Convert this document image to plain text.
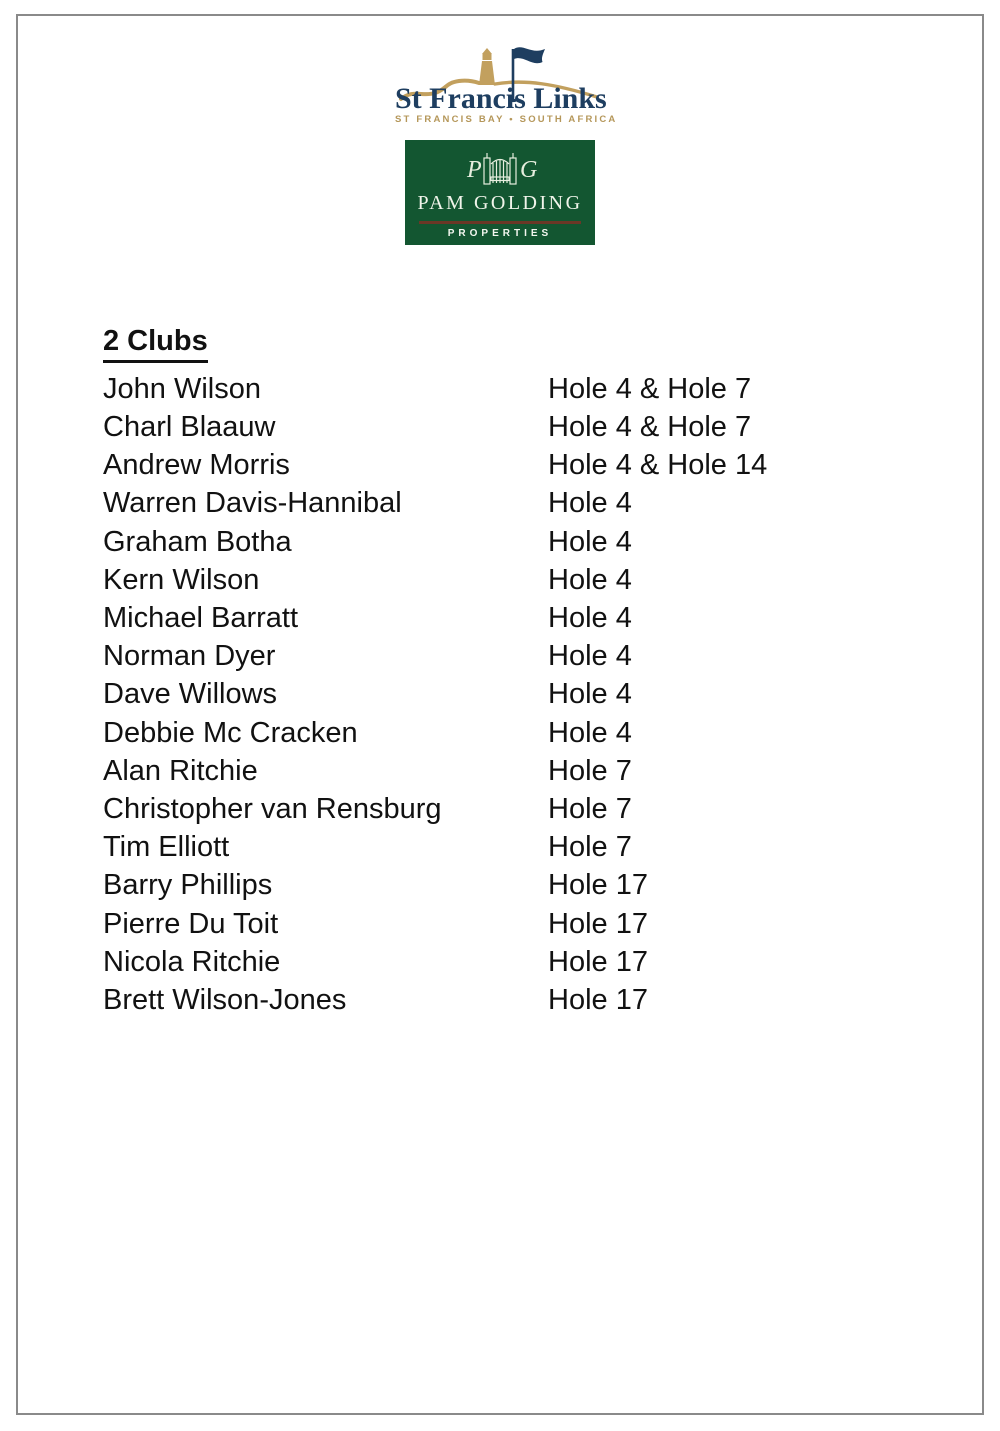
St Francis Links
ST FRANCIS BAY • SOUTH AFRICA
P G
PAM GOLDING
PROPERTIES
2 Clubs
John Wilson	Hole 4 & Hole 7
Charl Blaauw	Hole 4 & Hole 7
Andrew Morris	Hole 4 & Hole 14
Warren Davis-Hannibal	Hole 4
Graham Botha	Hole 4
Kern Wilson	Hole 4
Michael Barratt	Hole 4
Norman Dyer	Hole 4
Dave Willows	Hole 4
Debbie Mc Cracken	Hole 4
Alan Ritchie	Hole 7
Christopher van Rensburg	Hole 7
Tim Elliott	Hole 7
Barry Phillips	Hole 17
Pierre Du Toit	Hole 17
Nicola Ritchie	Hole 17
Brett Wilson-Jones	Hole 17
